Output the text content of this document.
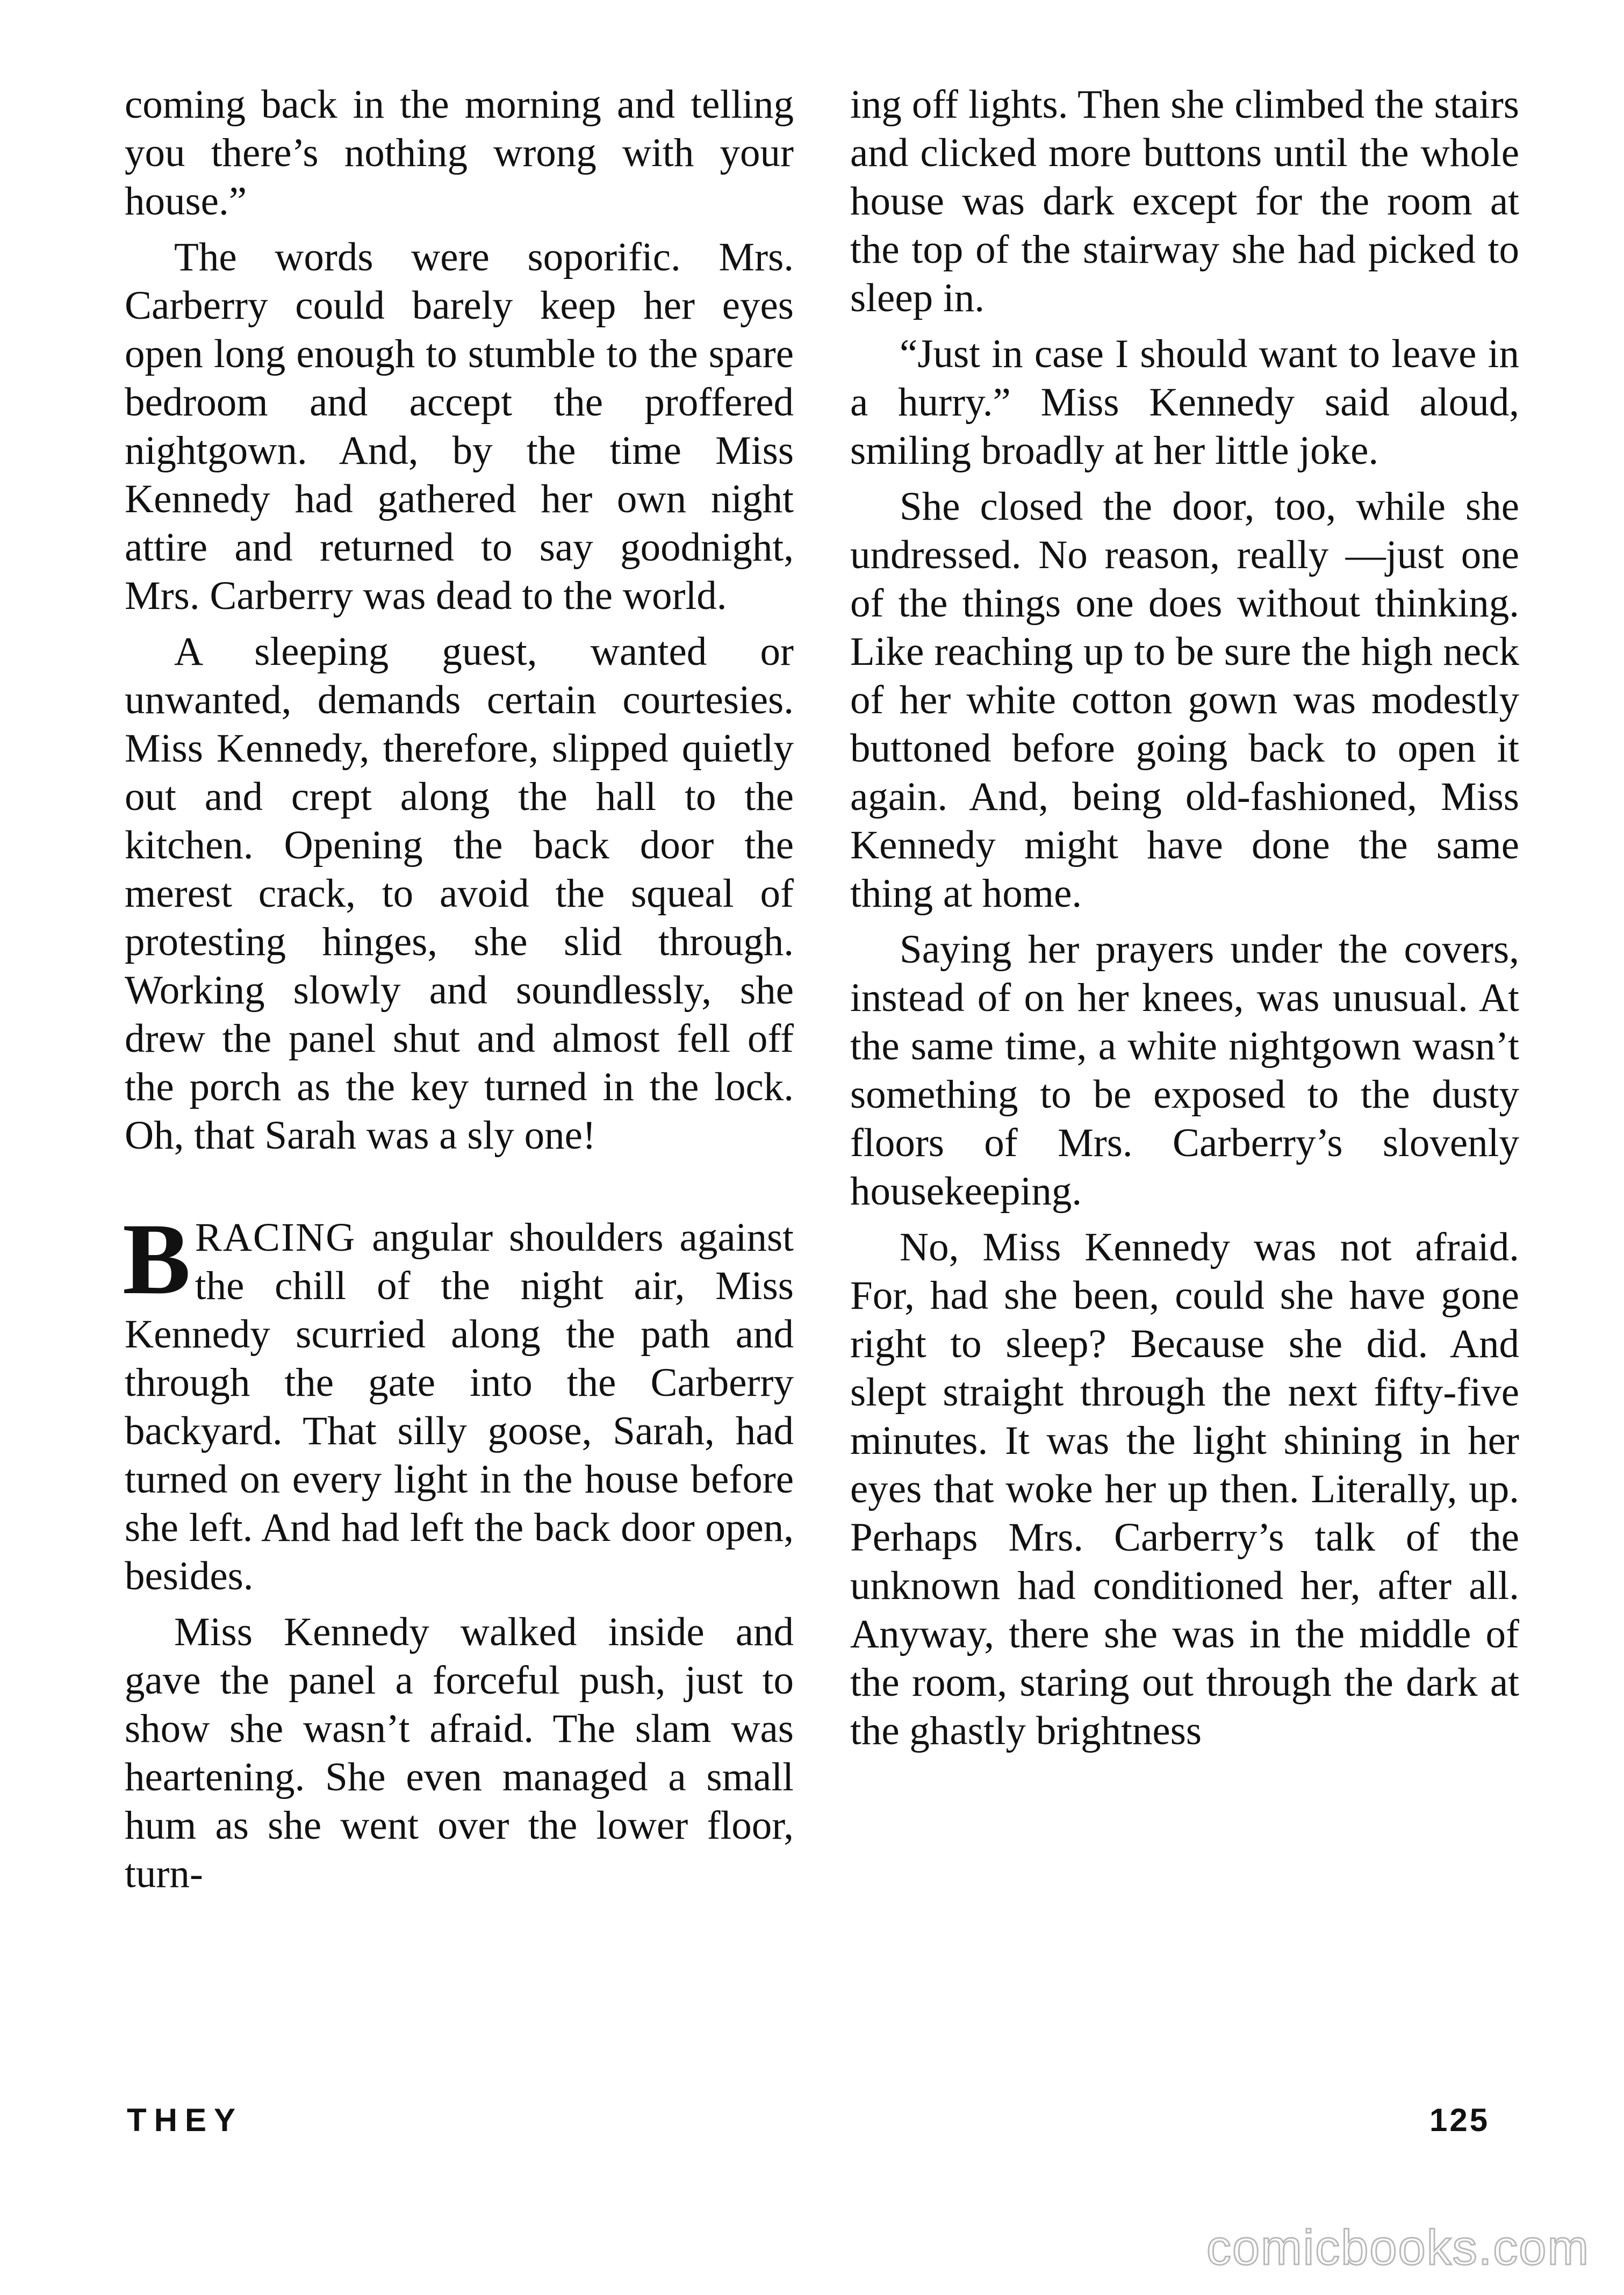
coming back in the morning and telling you there’s nothing wrong with your house.”

The words were soporific. Mrs. Carberry could barely keep her eyes open long enough to stumble to the spare bedroom and accept the proffered nightgown. And, by the time Miss Kennedy had gathered her own night attire and returned to say goodnight, Mrs. Carberry was dead to the world.

A sleeping guest, wanted or unwanted, demands certain courtesies. Miss Kennedy, therefore, slipped quietly out and crept along the hall to the kitchen. Opening the back door the merest crack, to avoid the squeal of protesting hinges, she slid through. Working slowly and soundlessly, she drew the panel shut and almost fell off the porch as the key turned in the lock. Oh, that Sarah was a sly one!

BRACING angular shoulders against the chill of the night air, Miss Kennedy scurried along the path and through the gate into the Carberry backyard. That silly goose, Sarah, had turned on every light in the house before she left. And had left the back door open, besides.

Miss Kennedy walked inside and gave the panel a forceful push, just to show she wasn’t afraid. The slam was heartening. She even managed a small hum as she went over the lower floor, turn-

ing off lights. Then she climbed the stairs and clicked more buttons until the whole house was dark except for the room at the top of the stairway she had picked to sleep in.

“Just in case I should want to leave in a hurry.” Miss Kennedy said aloud, smiling broadly at her little joke.

She closed the door, too, while she undressed. No reason, really —just one of the things one does without thinking. Like reaching up to be sure the high neck of her white cotton gown was modestly buttoned before going back to open it again. And, being old-fashioned, Miss Kennedy might have done the same thing at home.

Saying her prayers under the covers, instead of on her knees, was unusual. At the same time, a white nightgown wasn’t something to be exposed to the dusty floors of Mrs. Carberry’s slovenly housekeeping.

No, Miss Kennedy was not afraid. For, had she been, could she have gone right to sleep? Because she did. And slept straight through the next fifty-five minutes. It was the light shining in her eyes that woke her up then. Literally, up. Perhaps Mrs. Carberry’s talk of the unknown had conditioned her, after all. Anyway, there she was in the middle of the room, staring out through the dark at the ghastly brightness

THEY	125
comicbooks.com
